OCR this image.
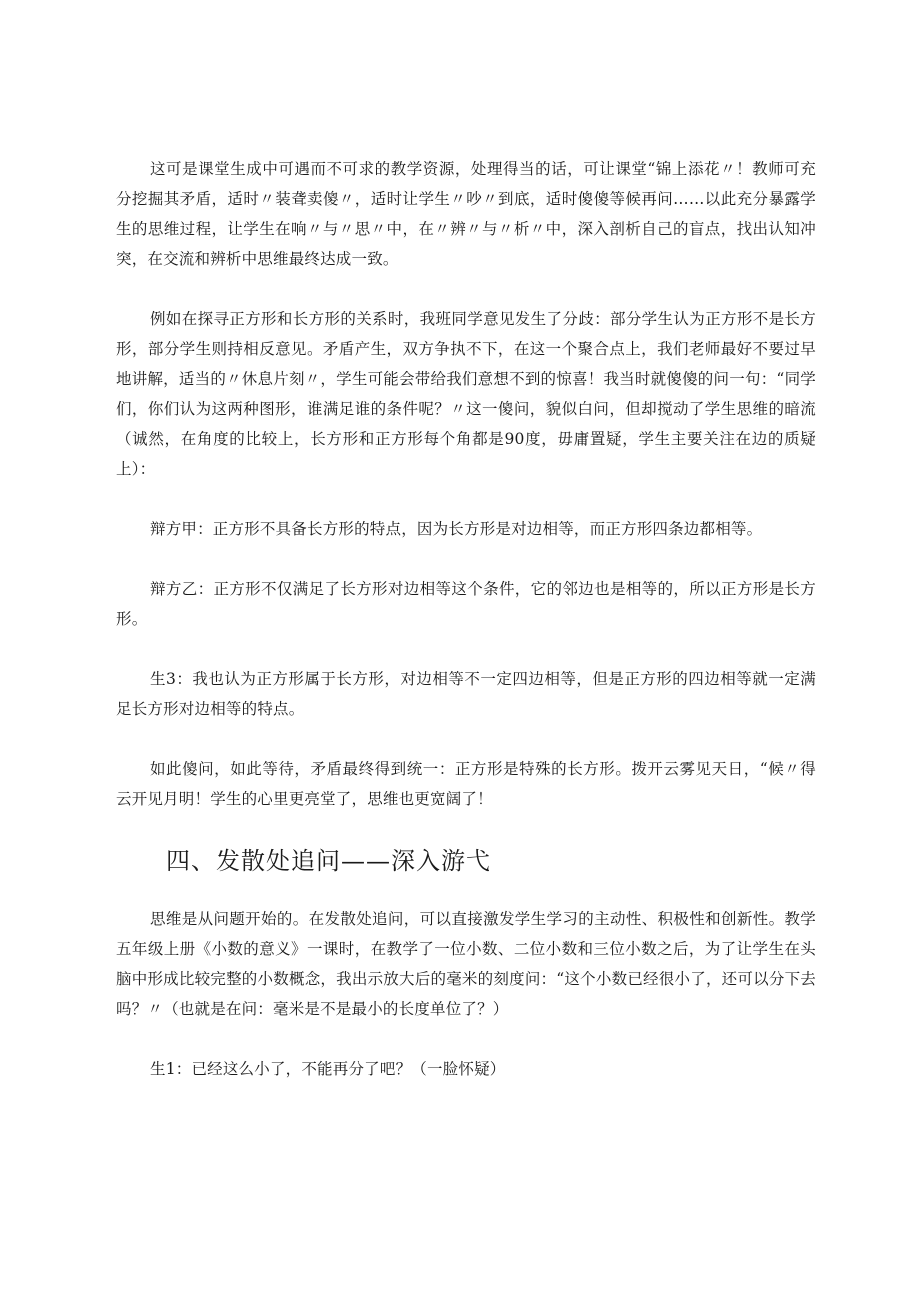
这可是课堂生成中可遇而不可求的教学资源，处理得当的话，可让课堂“锦上添花〃！教师可充分挖掘其矛盾，适时〃装聋卖傻〃，适时让学生〃吵〃到底，适时傻傻等候再问……以此充分暴露学生的思维过程，让学生在响〃与〃思〃中，在〃辨〃与〃析〃中，深入剖析自己的盲点，找出认知冲突，在交流和辨析中思维最终达成一致。

例如在探寻正方形和长方形的关系时，我班同学意见发生了分歧：部分学生认为正方形不是长方形，部分学生则持相反意见。矛盾产生，双方争执不下，在这一个聚合点上，我们老师最好不要过早地讲解，适当的〃休息片刻〃，学生可能会带给我们意想不到的惊喜！我当时就傻傻的问一句：“同学们，你们认为这两种图形，谁满足谁的条件呢？〃这一傻问，貌似白问，但却搅动了学生思维的暗流（诚然，在角度的比较上，长方形和正方形每个角都是90度，毋庸置疑，学生主要关注在边的质疑上）：

辩方甲：正方形不具备长方形的特点，因为长方形是对边相等，而正方形四条边都相等。

辩方乙：正方形不仅满足了长方形对边相等这个条件，它的邻边也是相等的，所以正方形是长方形。

生3：我也认为正方形属于长方形，对边相等不一定四边相等，但是正方形的四边相等就一定满足长方形对边相等的特点。

如此傻问，如此等待，矛盾最终得到统一：正方形是特殊的长方形。拨开云雾见天日，“候〃得云开见月明！学生的心里更亮堂了，思维也更宽阔了！

四、发散处追问——深入游弋

思维是从问题开始的。在发散处追问，可以直接激发学生学习的主动性、积极性和创新性。教学五年级上册《小数的意义》一课时，在教学了一位小数、二位小数和三位小数之后，为了让学生在头脑中形成比较完整的小数概念，我出示放大后的毫米的刻度问：“这个小数已经很小了，还可以分下去吗？〃（也就是在问：毫米是不是最小的长度单位了？）

生1：已经这么小了，不能再分了吧？（一脸怀疑）
